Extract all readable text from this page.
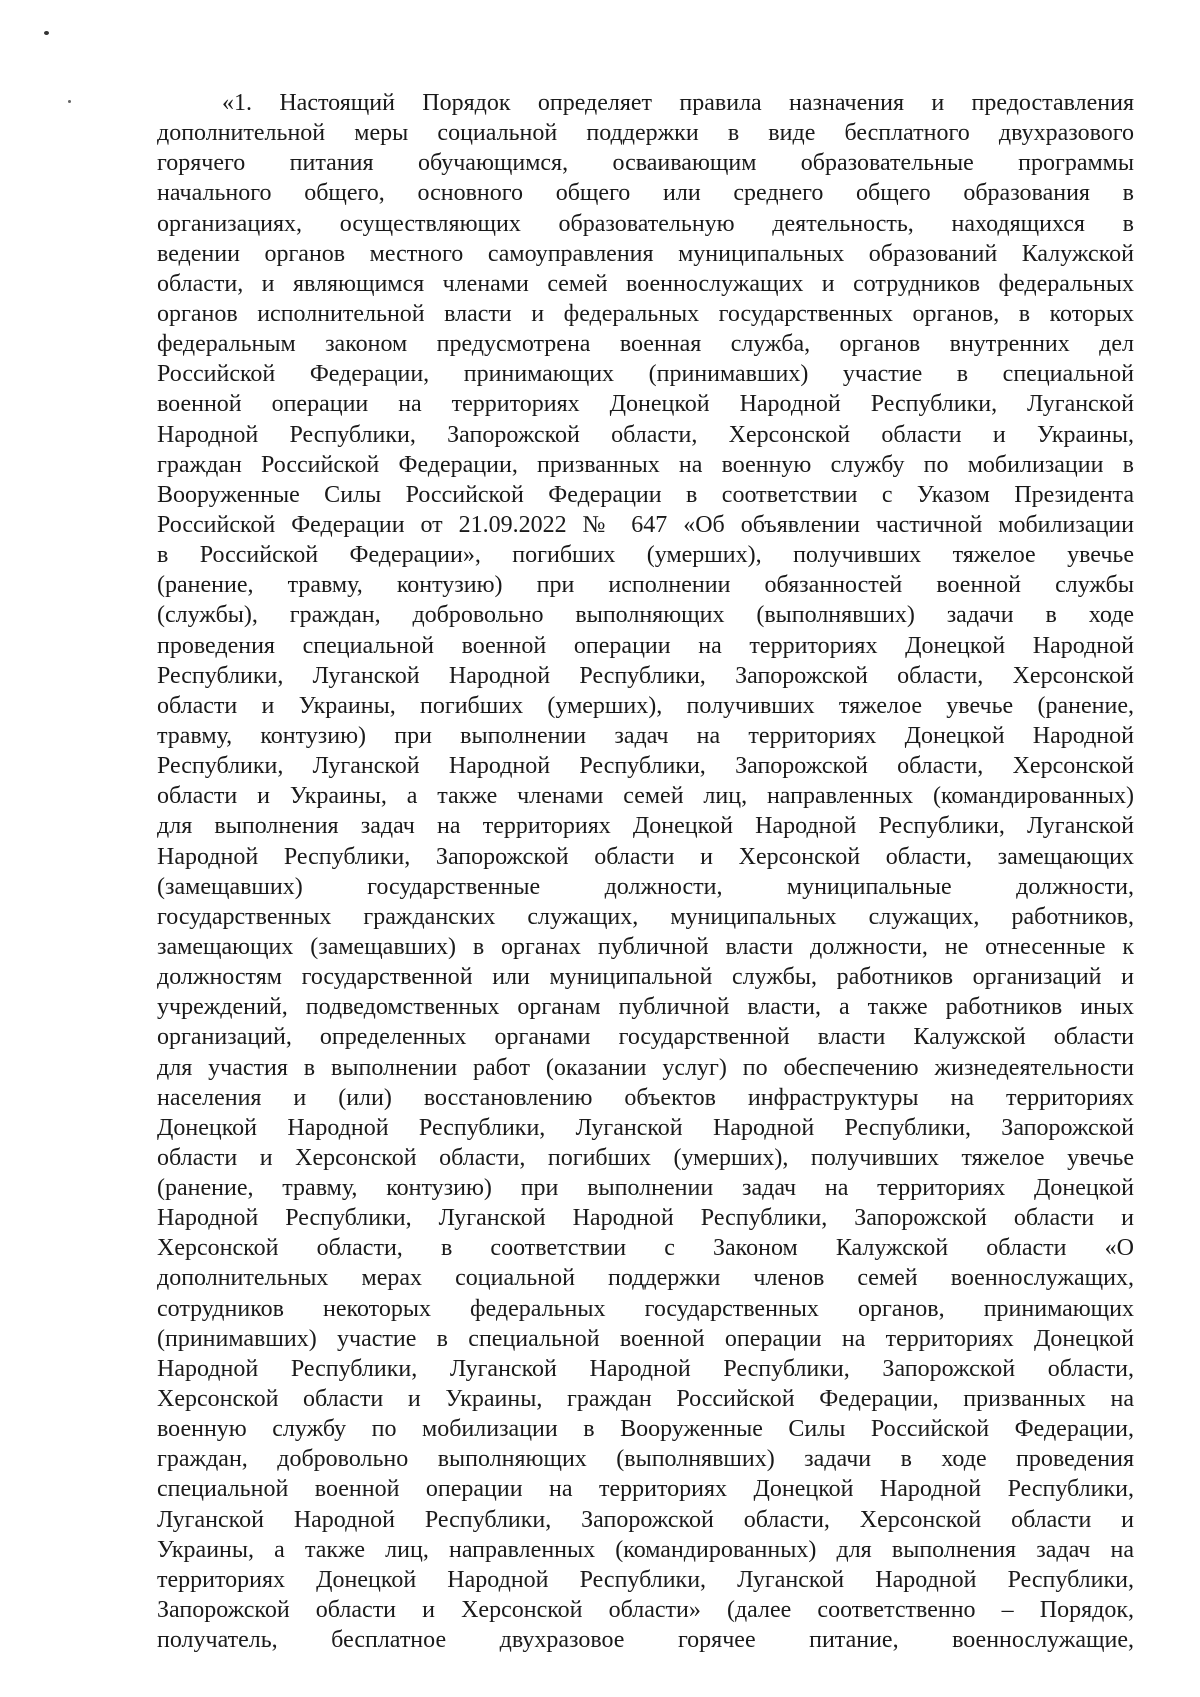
«1. Настоящий Порядок определяет правила назначения и предоставления
дополнительной меры социальной поддержки в виде бесплатного двухразового
горячего питания обучающимся, осваивающим образовательные программы
начального общего, основного общего или среднего общего образования в
организациях, осуществляющих образовательную деятельность, находящихся в
ведении органов местного самоуправления муниципальных образований Калужской
области, и являющимся членами семей военнослужащих и сотрудников федеральных
органов исполнительной власти и федеральных государственных органов, в которых
федеральным законом предусмотрена военная служба, органов внутренних дел
Российской Федерации, принимающих (принимавших) участие в специальной
военной операции на территориях Донецкой Народной Республики, Луганской
Народной Республики, Запорожской области, Херсонской области и Украины,
граждан Российской Федерации, призванных на военную службу по мобилизации в
Вооруженные Силы Российской Федерации в соответствии с Указом Президента
Российской Федерации от 21.09.2022 № 647 «Об объявлении частичной мобилизации
в Российской Федерации», погибших (умерших), получивших тяжелое увечье
(ранение, травму, контузию) при исполнении обязанностей военной службы
(службы), граждан, добровольно выполняющих (выполнявших) задачи в ходе
проведения специальной военной операции на территориях Донецкой Народной
Республики, Луганской Народной Республики, Запорожской области, Херсонской
области и Украины, погибших (умерших), получивших тяжелое увечье (ранение,
травму, контузию) при выполнении задач на территориях Донецкой Народной
Республики, Луганской Народной Республики, Запорожской области, Херсонской
области и Украины, а также членами семей лиц, направленных (командированных)
для выполнения задач на территориях Донецкой Народной Республики, Луганской
Народной Республики, Запорожской области и Херсонской области, замещающих
(замещавших) государственные должности, муниципальные должности,
государственных гражданских служащих, муниципальных служащих, работников,
замещающих (замещавших) в органах публичной власти должности, не отнесенные к
должностям государственной или муниципальной службы, работников организаций и
учреждений, подведомственных органам публичной власти, а также работников иных
организаций, определенных органами государственной власти Калужской области
для участия в выполнении работ (оказании услуг) по обеспечению жизнедеятельности
населения и (или) восстановлению объектов инфраструктуры на территориях
Донецкой Народной Республики, Луганской Народной Республики, Запорожской
области и Херсонской области, погибших (умерших), получивших тяжелое увечье
(ранение, травму, контузию) при выполнении задач на территориях Донецкой
Народной Республики, Луганской Народной Республики, Запорожской области и
Херсонской области, в соответствии с Законом Калужской области «О
дополнительных мерах социальной поддержки членов семей военнослужащих,
сотрудников некоторых федеральных государственных органов, принимающих
(принимавших) участие в специальной военной операции на территориях Донецкой
Народной Республики, Луганской Народной Республики, Запорожской области,
Херсонской области и Украины, граждан Российской Федерации, призванных на
военную службу по мобилизации в Вооруженные Силы Российской Федерации,
граждан, добровольно выполняющих (выполнявших) задачи в ходе проведения
специальной военной операции на территориях Донецкой Народной Республики,
Луганской Народной Республики, Запорожской области, Херсонской области и
Украины, а также лиц, направленных (командированных) для выполнения задач на
территориях Донецкой Народной Республики, Луганской Народной Республики,
Запорожской области и Херсонской области» (далее соответственно – Порядок,
получатель, бесплатное двухразовое горячее питание, военнослужащие,
